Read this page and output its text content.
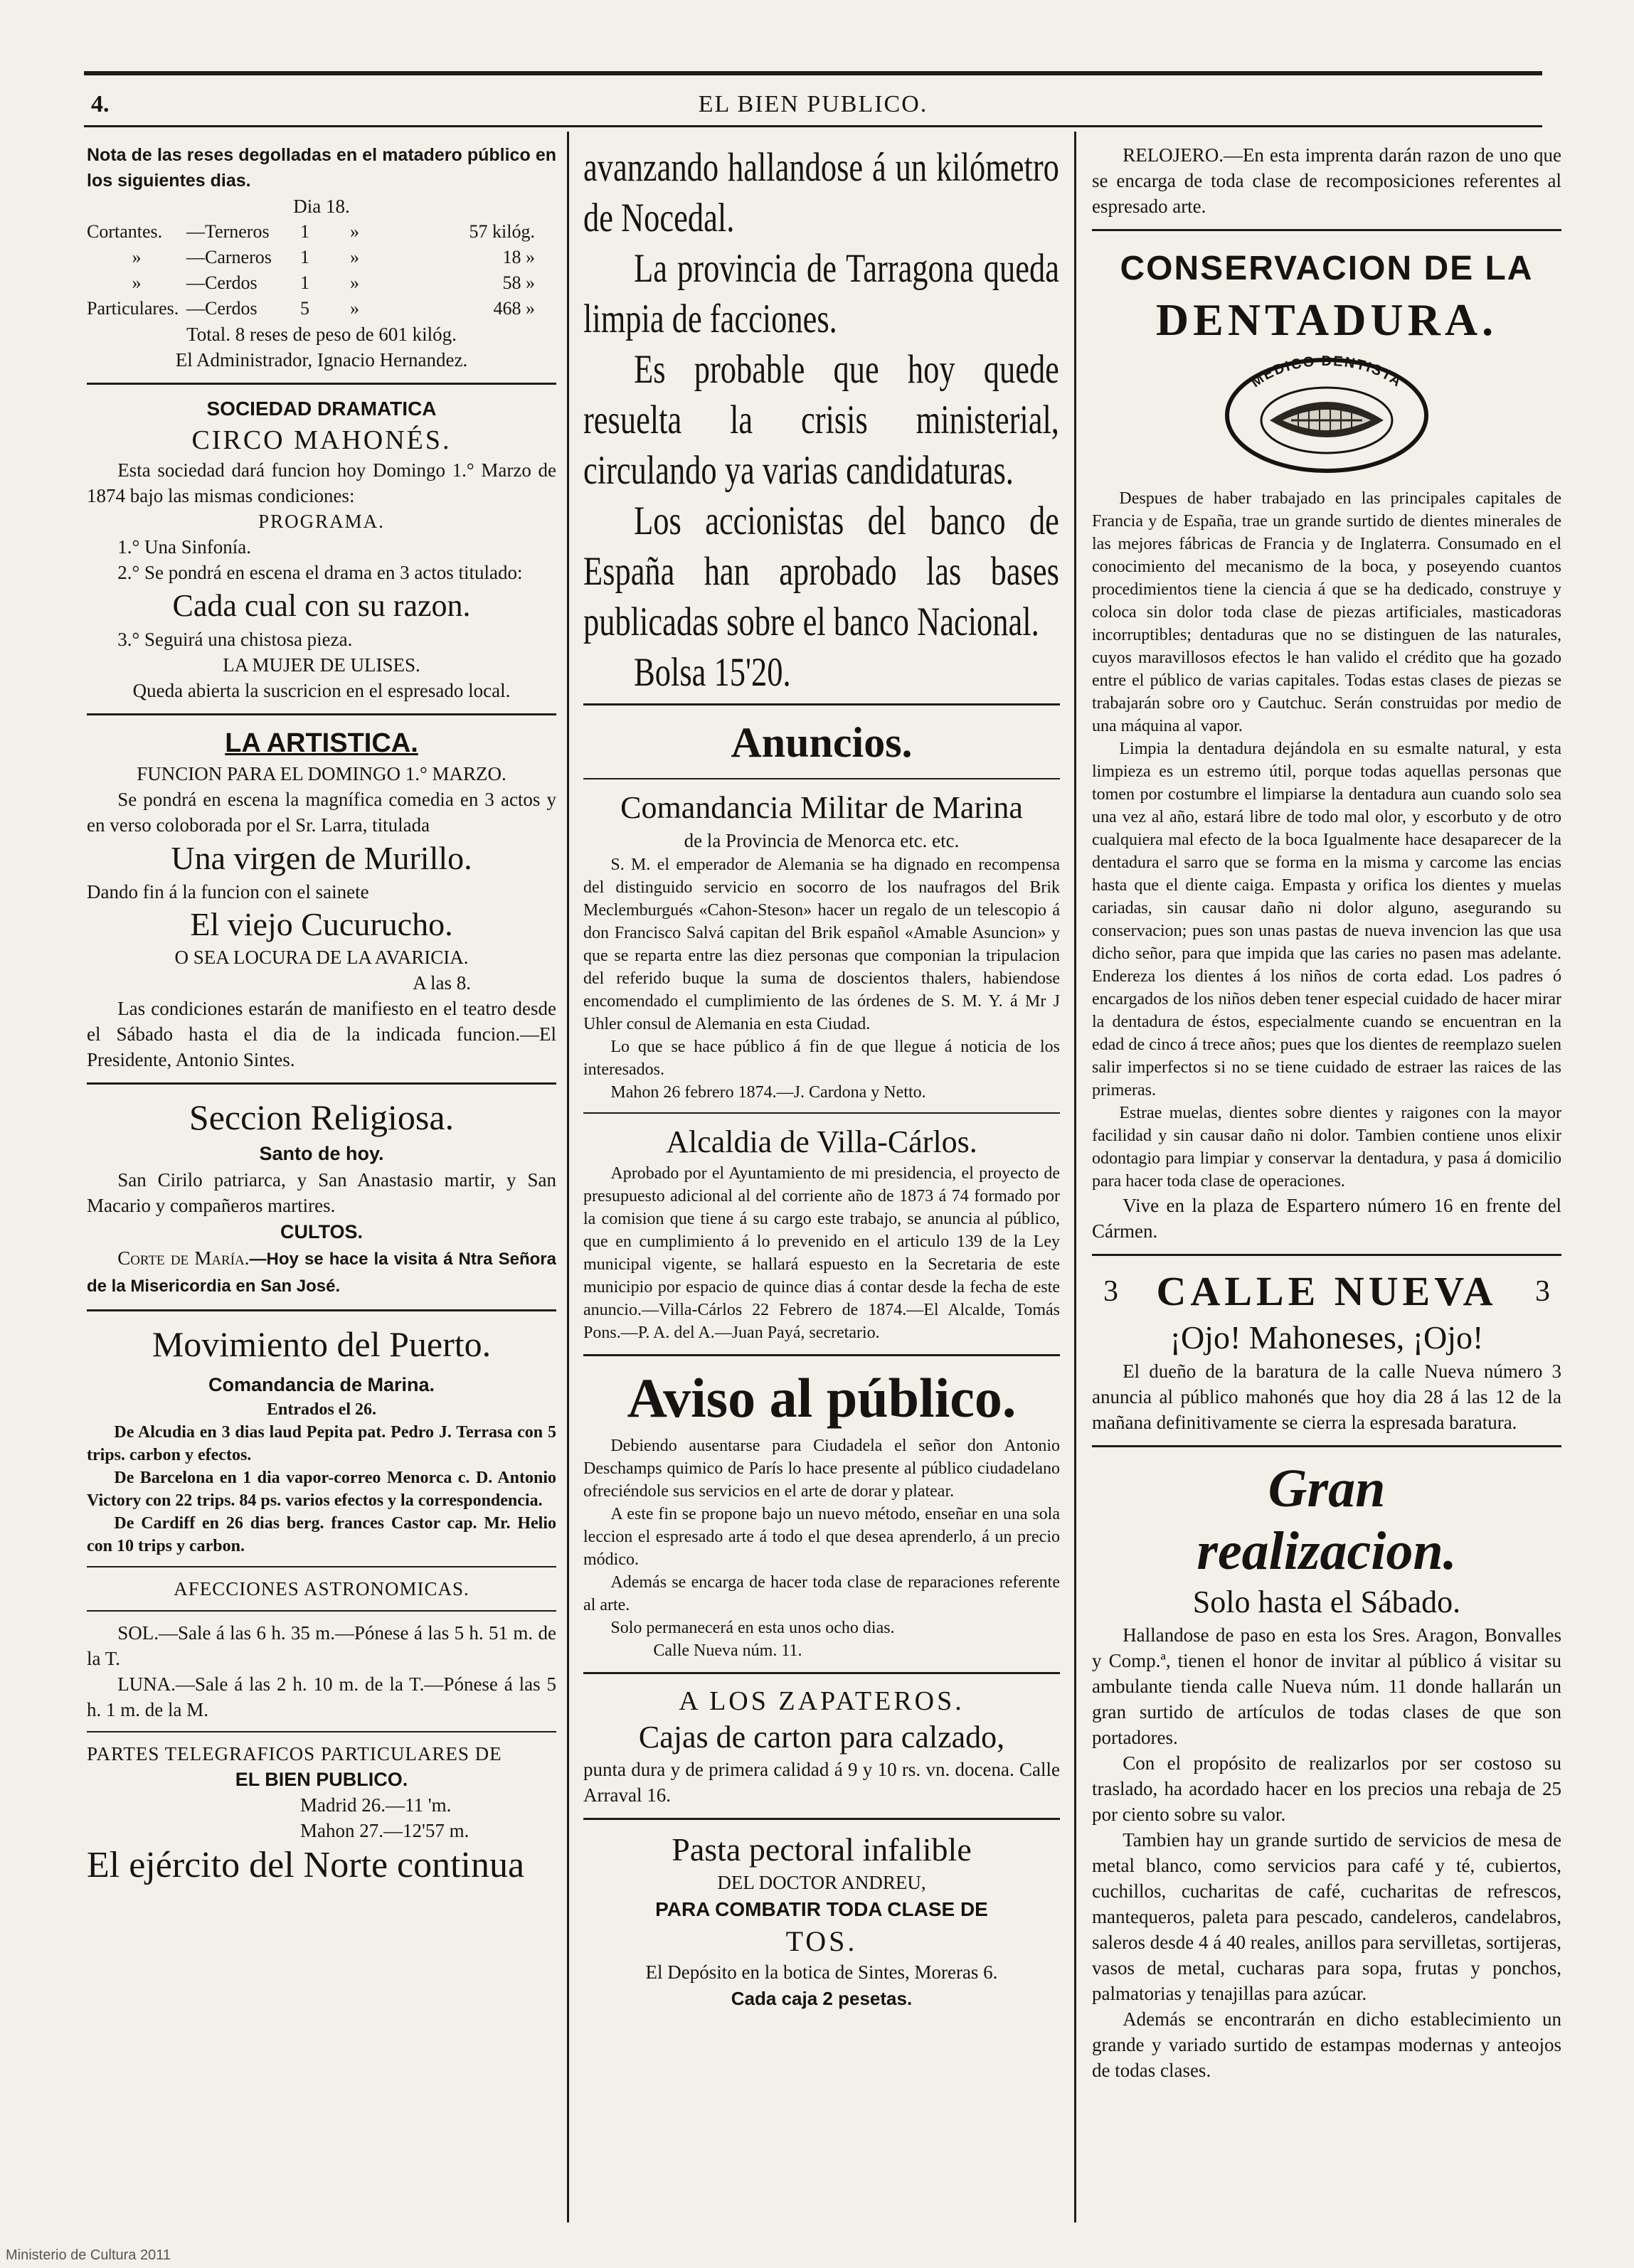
4.	EL BIEN PUBLICO.

Nota de las reses degolladas en el matadero público en los siguientes dias.

Dia 18.

Cortantes.	—Terneros	1	»	57 kilóg.
»	—Carneros	1	»	18 »
»	—Cerdos	1	»	58 »
Particulares. —Cerdos	5	»	468 »

Total. 8 reses de peso de 601 kilóg.

El Administrador, Ignacio Hernandez.

SOCIEDAD DRAMATICA

CIRCO MAHONÉS.

Esta sociedad dará funcion hoy Domingo 1.° Marzo de 1874 bajo las mismas condiciones:

PROGRAMA.

1.° Una Sinfonía.

2.° Se pondrá en escena el drama en 3 actos titulado:

Cada cual con su razon.

3.° Seguirá una chistosa pieza.

LA MUJER DE ULISES.

Queda abierta la suscricion en el espresado local.

LA ARTISTICA.

FUNCION PARA EL DOMINGO 1.° MARZO.

Se pondrá en escena la magnífica comedia en 3 actos y en verso coloborada por el Sr. Larra, titulada

Una virgen de Murillo.

Dando fin á la funcion con el sainete

El viejo Cucurucho.

O SEA LOCURA DE LA AVARICIA.

A las 8.

Las condiciones estarán de manifiesto en el teatro desde el Sábado hasta el dia de la indicada funcion.—El Presidente, Antonio Sintes.

Seccion Religiosa.

Santo de hoy.

San Cirilo patriarca, y San Anastasio martir, y San Macario y compañeros martires.

CULTOS.

Corte de María.—Hoy se hace la visita á Ntra Señora de la Misericordia en San José.

Movimiento del Puerto.

Comandancia de Marina.

Entrados el 26.

De Alcudia en 3 dias laud Pepita pat. Pedro J. Terrasa con 5 trips. carbon y efectos.

De Barcelona en 1 dia vapor-correo Menorca c. D. Antonio Victory con 22 trips. 84 ps. varios efectos y la correspondencia.

De Cardiff en 26 dias berg. frances Castor cap. Mr. Helio con 10 trips y carbon.

AFECCIONES ASTRONOMICAS.

SOL.—Sale á las 6 h. 35 m.—Pónese á las 5 h. 51 m. de la T.

LUNA.—Sale á las 2 h. 10 m. de la T.—Pónese á las 5 h. 1 m. de la M.

PARTES TELEGRAFICOS PARTICULARES DE

EL BIEN PUBLICO.

Madrid 26.—11 'm.

Mahon 27.—12'57 m.

El ejército del Norte continua

avanzando hallandose á un kilómetro de Nocedal.

La provincia de Tarragona queda limpia de facciones.

Es probable que hoy quede resuelta la crisis ministerial, circulando ya varias candidaturas.

Los accionistas del banco de España han aprobado las bases publicadas sobre el banco Nacional.

Bolsa 15'20.

Anuncios.

Comandancia Militar de Marina

de la Provincia de Menorca etc. etc.

S. M. el emperador de Alemania se ha dignado en recompensa del distinguido servicio en socorro de los naufragos del Brik Meclemburgués «Cahon-Steson» hacer un regalo de un telescopio á don Francisco Salvá capitan del Brik español «Amable Asuncion» y que se reparta entre las diez personas que componian la tripulacion del referido buque la suma de doscientos thalers, habiendose encomendado el cumplimiento de las órdenes de S. M. Y. á Mr J Uhler consul de Alemania en esta Ciudad.

Lo que se hace público á fin de que llegue á noticia de los interesados.

Mahon 26 febrero 1874.—J. Cardona y Netto.

Alcaldia de Villa-Cárlos.

Aprobado por el Ayuntamiento de mi presidencia, el proyecto de presupuesto adicional al del corriente año de 1873 á 74 formado por la comision que tiene á su cargo este trabajo, se anuncia al público, que en cumplimiento á lo prevenido en el articulo 139 de la Ley municipal vigente, se hallará espuesto en la Secretaria de este municipio por espacio de quince dias á contar desde la fecha de este anuncio.—Villa-Cárlos 22 Febrero de 1874.—El Alcalde, Tomás Pons.—P. A. del A.—Juan Payá, secretario.

Aviso al público.

Debiendo ausentarse para Ciudadela el señor don Antonio Deschamps quimico de París lo hace presente al público ciudadelano ofreciéndole sus servicios en el arte de dorar y platear.

A este fin se propone bajo un nuevo método, enseñar en una sola leccion el espresado arte á todo el que desea aprenderlo, á un precio módico.

Además se encarga de hacer toda clase de reparaciones referente al arte.

Solo permanecerá en esta unos ocho dias.

Calle Nueva núm. 11.

A LOS ZAPATEROS.

Cajas de carton para calzado,

punta dura y de primera calidad á 9 y 10 rs. vn. docena. Calle Arraval 16.

Pasta pectoral infalible

DEL DOCTOR ANDREU,

PARA COMBATIR TODA CLASE DE

TOS.

El Depósito en la botica de Sintes, Moreras 6.

Cada caja 2 pesetas.

RELOJERO.—En esta imprenta darán razon de uno que se encarga de toda clase de recomposiciones referentes al espresado arte.

CONSERVACION DE LA

DENTADURA.

MEDICO DENTISTA

Despues de haber trabajado en las principales capitales de Francia y de España, trae un grande surtido de dientes minerales de las mejores fábricas de Francia y de Inglaterra. Consumado en el conocimiento del mecanismo de la boca, y poseyendo cuantos procedimientos tiene la ciencia á que se ha dedicado, construye y coloca sin dolor toda clase de piezas artificiales, masticadoras incorruptibles; dentaduras que no se distinguen de las naturales, cuyos maravillosos efectos le han valido el crédito que ha gozado entre el público de varias capitales. Todas estas clases de piezas se trabajarán sobre oro y Cautchuc. Serán construidas por medio de una máquina al vapor.

Limpia la dentadura dejándola en su esmalte natural, y esta limpieza es un estremo útil, porque todas aquellas personas que tomen por costumbre el limpiarse la dentadura aun cuando solo sea una vez al año, estará libre de todo mal olor, y escorbuto y de otro cualquiera mal efecto de la boca Igualmente hace desaparecer de la dentadura el sarro que se forma en la misma y carcome las encias hasta que el diente caiga. Empasta y orifica los dientes y muelas cariadas, sin causar daño ni dolor alguno, asegurando su conservacion; pues son unas pastas de nueva invencion las que usa dicho señor, para que impida que las caries no pasen mas adelante. Endereza los dientes á los niños de corta edad. Los padres ó encargados de los niños deben tener especial cuidado de hacer mirar la dentadura de éstos, especialmente cuando se encuentran en la edad de cinco á trece años; pues que los dientes de reemplazo suelen salir imperfectos si no se tiene cuidado de estraer las raices de las primeras.

Estrae muelas, dientes sobre dientes y raigones con la mayor facilidad y sin causar daño ni dolor. Tambien contiene unos elixir odontagio para limpiar y conservar la dentadura, y pasa á domicilio para hacer toda clase de operaciones.

Vive en la plaza de Espartero número 16 en frente del Cármen.

3 CALLE NUEVA 3

¡Ojo! Mahoneses, ¡Ojo!

El dueño de la baratura de la calle Nueva número 3 anuncia al público mahonés que hoy dia 28 á las 12 de la mañana definitivamente se cierra la espresada baratura.

Gran realizacion.

Solo hasta el Sábado.

Hallandose de paso en esta los Sres. Aragon, Bonvalles y Comp.ª, tienen el honor de invitar al público á visitar su ambulante tienda calle Nueva núm. 11 donde hallarán un gran surtido de artículos de todas clases de que son portadores.

Con el propósito de realizarlos por ser costoso su traslado, ha acordado hacer en los precios una rebaja de 25 por ciento sobre su valor.

Tambien hay un grande surtido de servicios de mesa de metal blanco, como servicios para café y té, cubiertos, cuchillos, cucharitas de café, cucharitas de refrescos, mantequeros, paleta para pescado, candeleros, candelabros, saleros desde 4 á 40 reales, anillos para servilletas, sortijeras, vasos de metal, cucharas para sopa, frutas y ponchos, palmatorias y tenajillas para azúcar.

Además se encontrarán en dicho establecimiento un grande y variado surtido de estampas modernas y anteojos de todas clases.

Ministerio de Cultura 2011
